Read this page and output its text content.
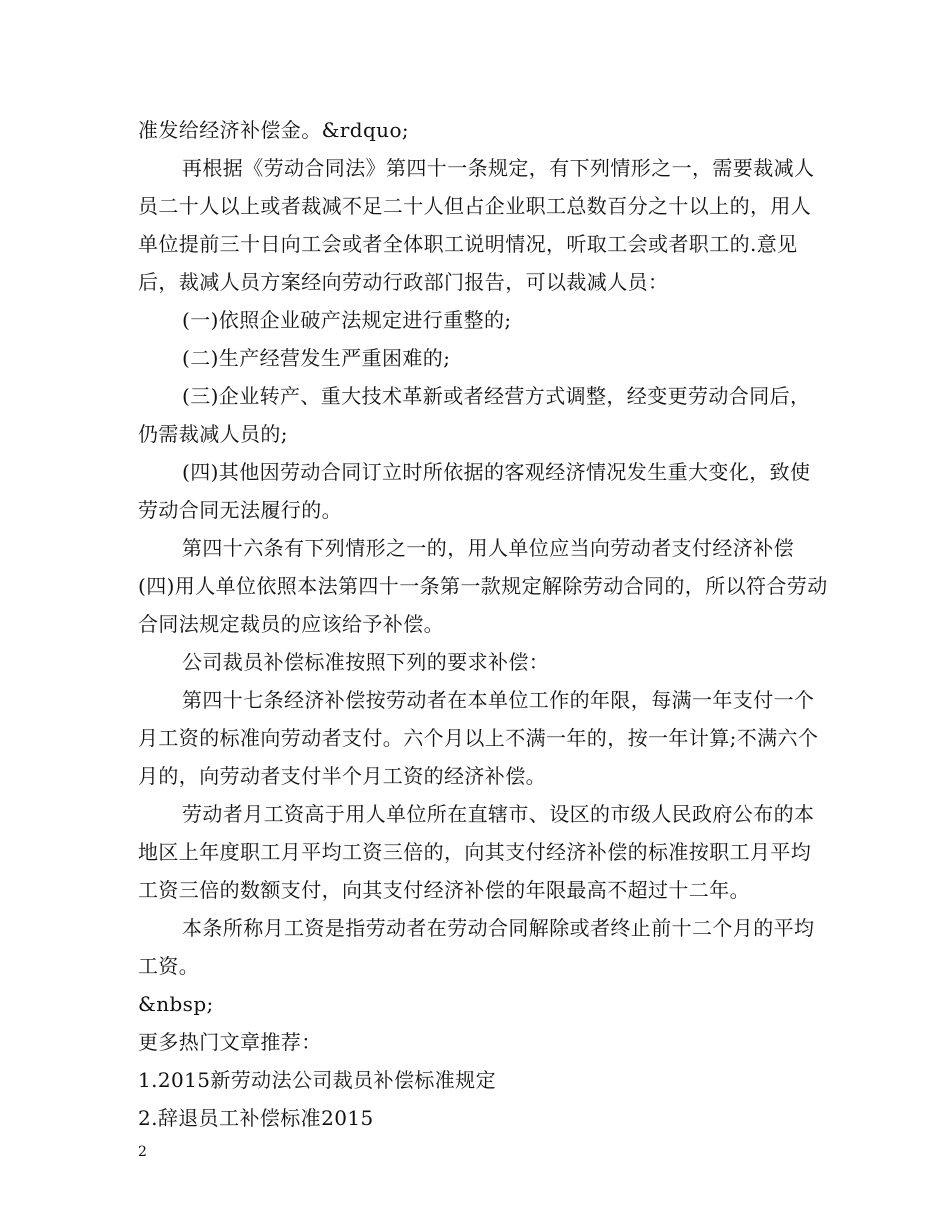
准发给经济补偿金。&rdquo;

再根据《劳动合同法》第四十一条规定，有下列情形之一，需要裁减人员二十人以上或者裁减不足二十人但占企业职工总数百分之十以上的，用人单位提前三十日向工会或者全体职工说明情况，听取工会或者职工的.意见后，裁减人员方案经向劳动行政部门报告，可以裁减人员：

(一)依照企业破产法规定进行重整的;

(二)生产经营发生严重困难的;

(三)企业转产、重大技术革新或者经营方式调整，经变更劳动合同后，仍需裁减人员的;

(四)其他因劳动合同订立时所依据的客观经济情况发生重大变化，致使劳动合同无法履行的。

第四十六条有下列情形之一的，用人单位应当向劳动者支付经济补偿(四)用人单位依照本法第四十一条第一款规定解除劳动合同的，所以符合劳动合同法规定裁员的应该给予补偿。

公司裁员补偿标准按照下列的要求补偿：

第四十七条经济补偿按劳动者在本单位工作的年限，每满一年支付一个月工资的标准向劳动者支付。六个月以上不满一年的，按一年计算;不满六个月的，向劳动者支付半个月工资的经济补偿。

劳动者月工资高于用人单位所在直辖市、设区的市级人民政府公布的本地区上年度职工月平均工资三倍的，向其支付经济补偿的标准按职工月平均工资三倍的数额支付，向其支付经济补偿的年限最高不超过十二年。

本条所称月工资是指劳动者在劳动合同解除或者终止前十二个月的平均工资。

&nbsp;

更多热门文章推荐：

1.2015新劳动法公司裁员补偿标准规定

2.辞退员工补偿标准2015

2
